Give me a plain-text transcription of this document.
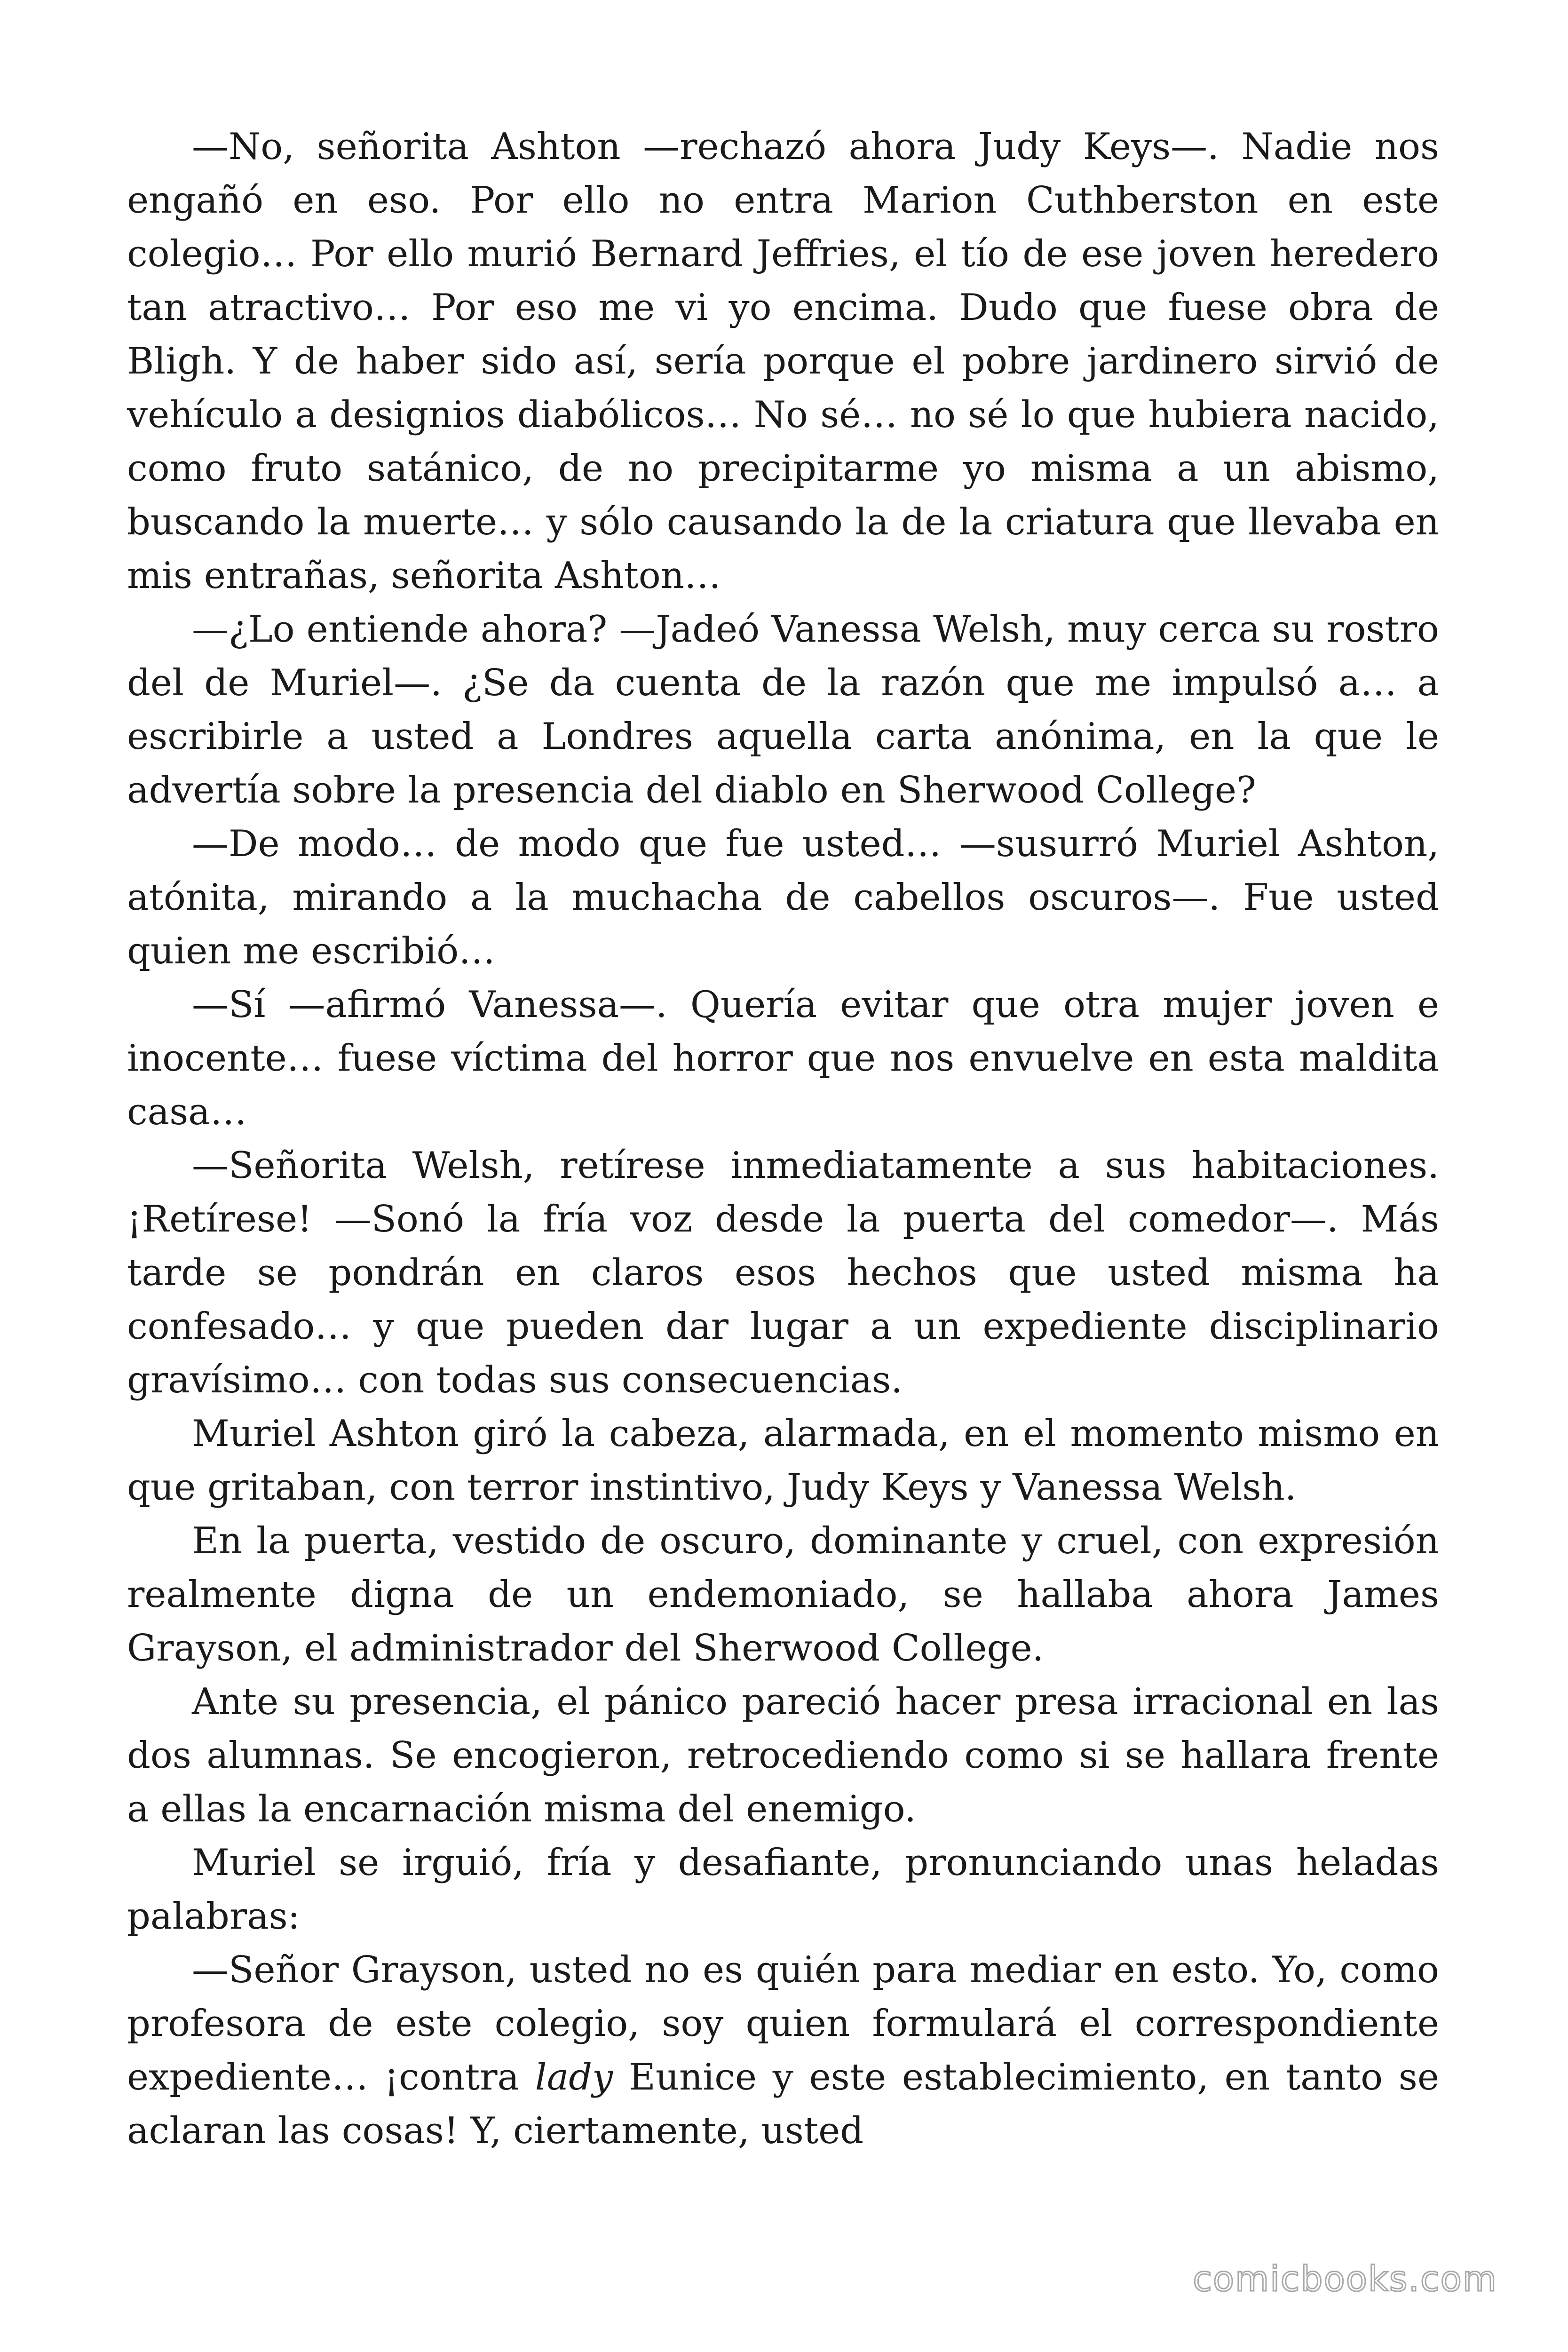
—No, señorita Ashton —rechazó ahora Judy Keys—. Nadie nos engañó en eso. Por ello no entra Marion Cuthberston en este colegio… Por ello murió Bernard Jeffries, el tío de ese joven heredero tan atractivo… Por eso me vi yo encima. Dudo que fuese obra de Bligh. Y de haber sido así, sería porque el pobre jardinero sirvió de vehículo a designios diabólicos… No sé… no sé lo que hubiera nacido, como fruto satánico, de no precipitarme yo misma a un abismo, buscando la muerte… y sólo causando la de la criatura que llevaba en mis entrañas, señorita Ashton…

—¿Lo entiende ahora? —Jadeó Vanessa Welsh, muy cerca su rostro del de Muriel—. ¿Se da cuenta de la razón que me impulsó a… a escribirle a usted a Londres aquella carta anónima, en la que le advertía sobre la presencia del diablo en Sherwood College?

—De modo… de modo que fue usted… —susurró Muriel Ashton, atónita, mirando a la muchacha de cabellos oscuros—. Fue usted quien me escribió…

—Sí —afirmó Vanessa—. Quería evitar que otra mujer joven e inocente… fuese víctima del horror que nos envuelve en esta maldita casa…

—Señorita Welsh, retírese inmediatamente a sus habitaciones. ¡Retírese! —Sonó la fría voz desde la puerta del comedor—. Más tarde se pondrán en claros esos hechos que usted misma ha confesado… y que pueden dar lugar a un expediente disciplinario gravísimo… con todas sus consecuencias.

Muriel Ashton giró la cabeza, alarmada, en el momento mismo en que gritaban, con terror instintivo, Judy Keys y Vanessa Welsh.

En la puerta, vestido de oscuro, dominante y cruel, con expresión realmente digna de un endemoniado, se hallaba ahora James Grayson, el administrador del Sherwood College.

Ante su presencia, el pánico pareció hacer presa irracional en las dos alumnas. Se encogieron, retrocediendo como si se hallara frente a ellas la encarnación misma del enemigo.

Muriel se irguió, fría y desafiante, pronunciando unas heladas palabras:

—Señor Grayson, usted no es quién para mediar en esto. Yo, como profesora de este colegio, soy quien formulará el correspondiente expediente… ¡contra lady Eunice y este establecimiento, en tanto se aclaran las cosas! Y, ciertamente, usted

comicbooks.com
